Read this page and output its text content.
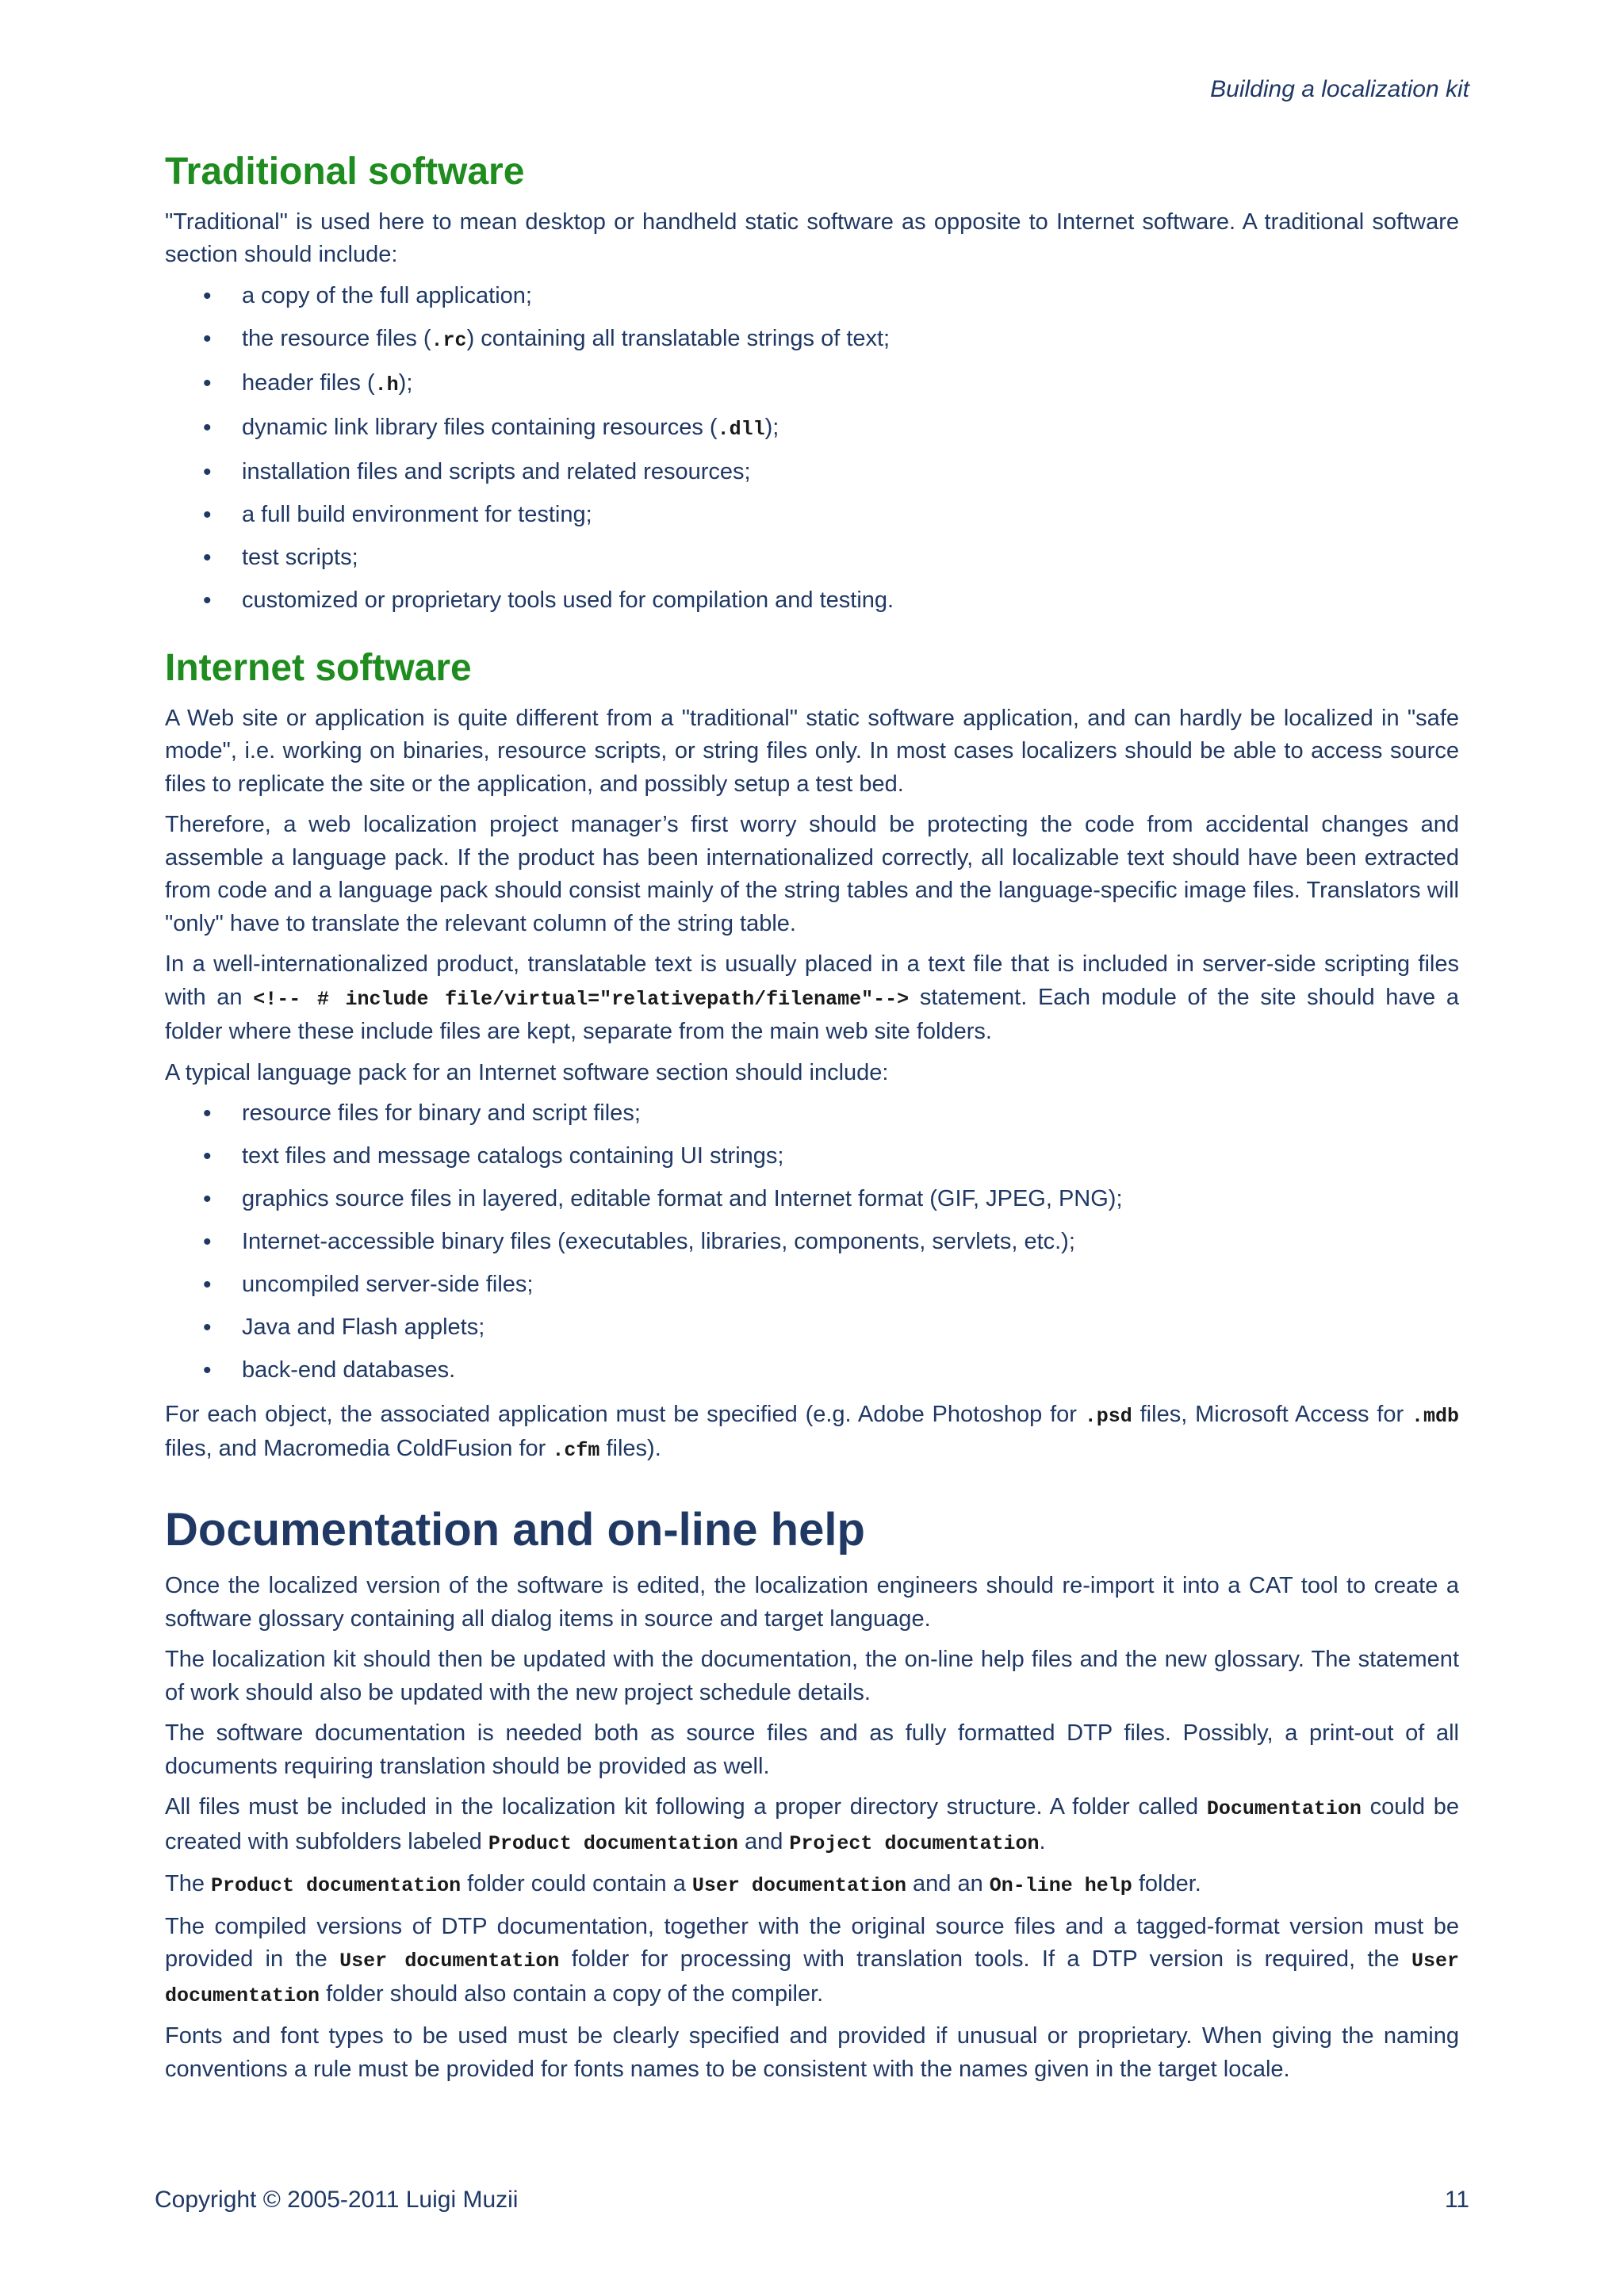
Building a localization kit
Traditional software

"Traditional" is used here to mean desktop or handheld static software as opposite to Internet software. A traditional software section should include:

• a copy of the full application;
• the resource files (.rc) containing all translatable strings of text;
• header files (.h);
• dynamic link library files containing resources (.dll);
• installation files and scripts and related resources;
• a full build environment for testing;
• test scripts;
• customized or proprietary tools used for compilation and testing.
Internet software

A Web site or application is quite different from a "traditional" static software application, and can hardly be localized in "safe mode", i.e. working on binaries, resource scripts, or string files only. In most cases localizers should be able to access source files to replicate the site or the application, and possibly setup a test bed.

Therefore, a web localization project manager’s first worry should be protecting the code from accidental changes and assemble a language pack. If the product has been internationalized correctly, all localizable text should have been extracted from code and a language pack should consist mainly of the string tables and the language-specific image files. Translators will "only" have to translate the relevant column of the string table.

In a well-internationalized product, translatable text is usually placed in a text file that is included in server-side scripting files with an <!-- # include file/virtual="relativepath/filename"--> statement. Each module of the site should have a folder where these include files are kept, separate from the main web site folders.

A typical language pack for an Internet software section should include:

• resource files for binary and script files;
• text files and message catalogs containing UI strings;
• graphics source files in layered, editable format and Internet format (GIF, JPEG, PNG);
• Internet-accessible binary files (executables, libraries, components, servlets, etc.);
• uncompiled server-side files;
• Java and Flash applets;
• back-end databases.

For each object, the associated application must be specified (e.g. Adobe Photoshop for .psd files, Microsoft Access for .mdb files, and Macromedia ColdFusion for .cfm files).

Documentation and on-line help

Once the localized version of the software is edited, the localization engineers should re-import it into a CAT tool to create a software glossary containing all dialog items in source and target language.

The localization kit should then be updated with the documentation, the on-line help files and the new glossary. The statement of work should also be updated with the new project schedule details.

The software documentation is needed both as source files and as fully formatted DTP files. Possibly, a print-out of all documents requiring translation should be provided as well.

All files must be included in the localization kit following a proper directory structure. A folder called Documentation could be created with subfolders labeled Product documentation and Project documentation.

The Product documentation folder could contain a User documentation and an On-line help folder.

The compiled versions of DTP documentation, together with the original source files and a tagged-format version must be provided in the User documentation folder for processing with translation tools. If a DTP version is required, the User documentation folder should also contain a copy of the compiler.

Fonts and font types to be used must be clearly specified and provided if unusual or proprietary. When giving the naming conventions a rule must be provided for fonts names to be consistent with the names given in the target locale.

Copyright © 2005-2011 Luigi Muzii	11
